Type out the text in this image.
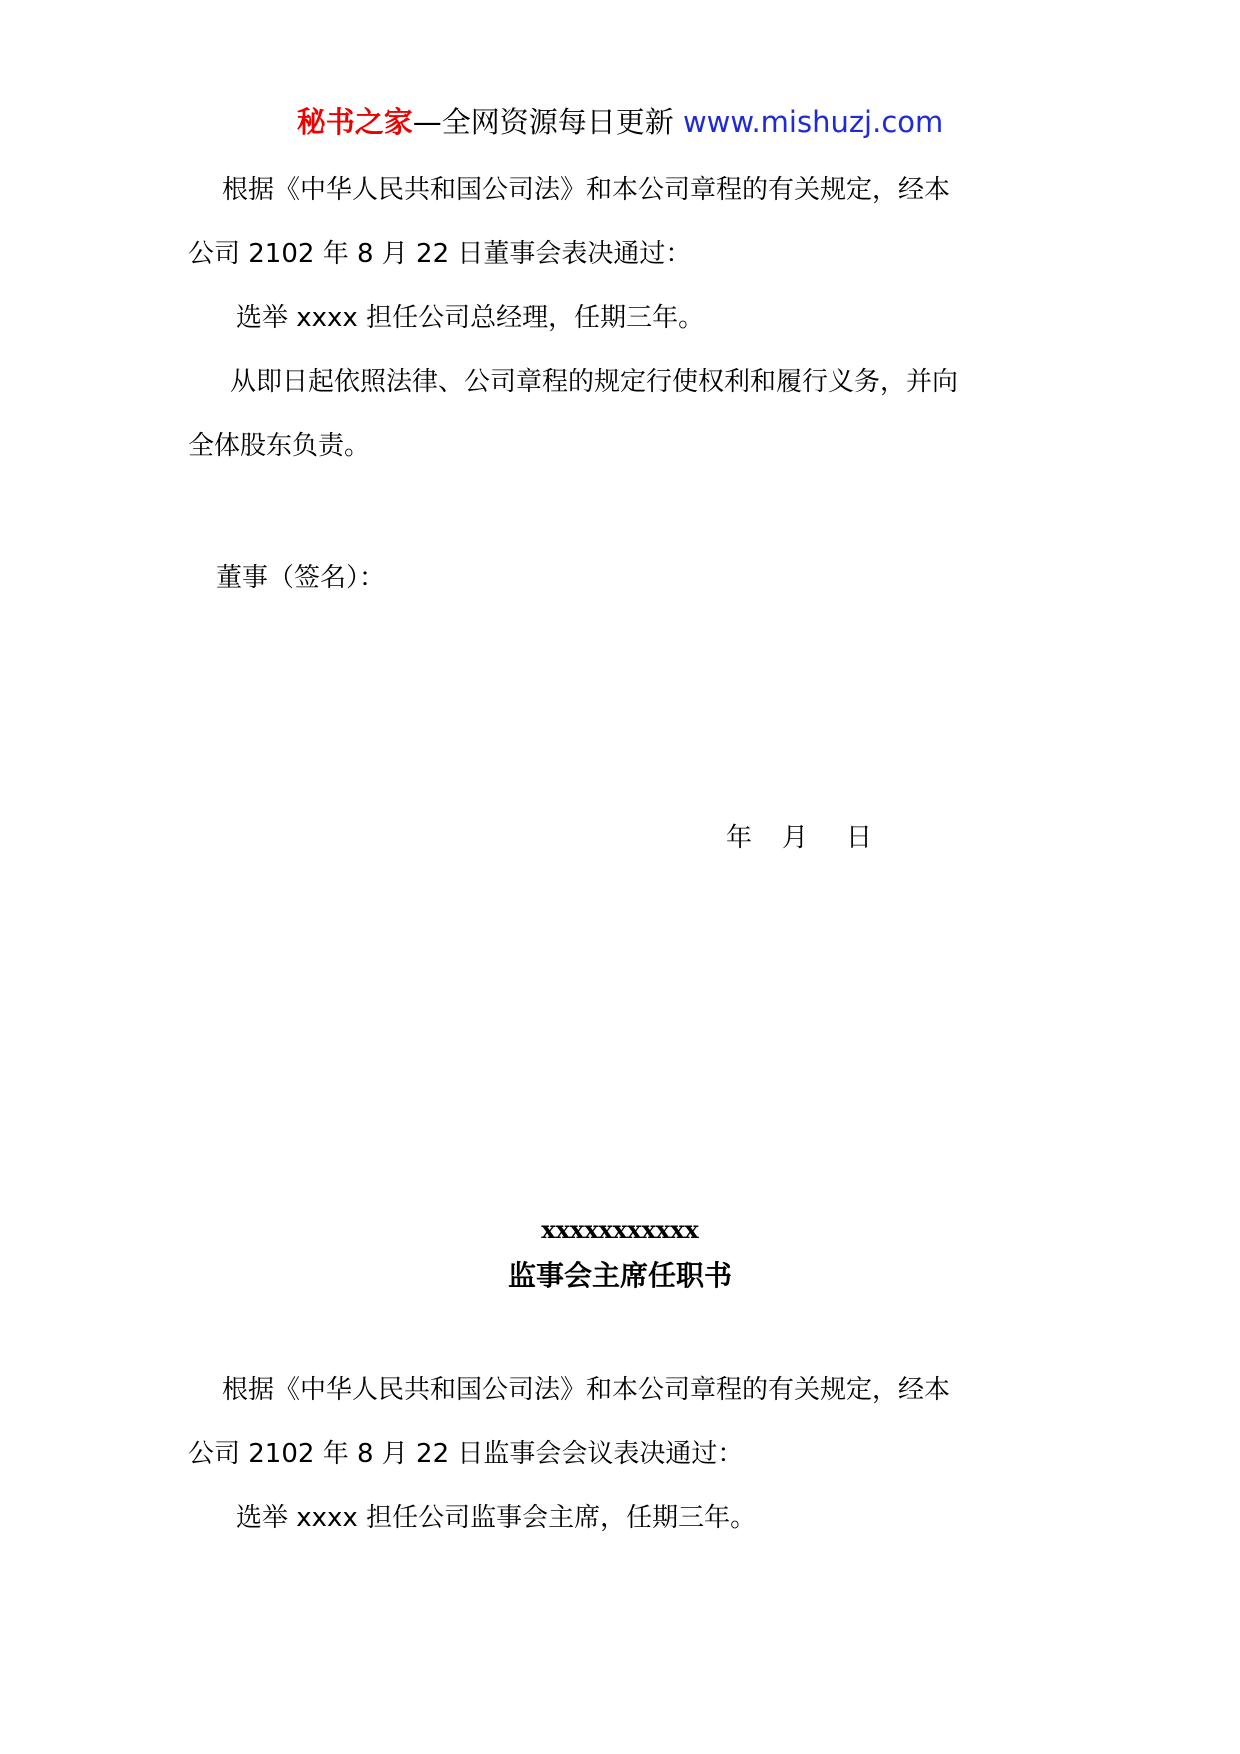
秘书之家—全网资源每日更新 www.mishuzj.com
根据《中华人民共和国公司法》和本公司章程的有关规定，经本
公司 2102 年 8 月 22 日董事会表决通过：
选举 xxxx 担任公司总经理，任期三年。
从即日起依照法律、公司章程的规定行使权利和履行义务，并向
全体股东负责。
董事（签名）：
年 月 日
xxxxxxxxxxx
监事会主席任职书
根据《中华人民共和国公司法》和本公司章程的有关规定，经本
公司 2102 年 8 月 22 日监事会会议表决通过：
选举 xxxx 担任公司监事会主席，任期三年。
